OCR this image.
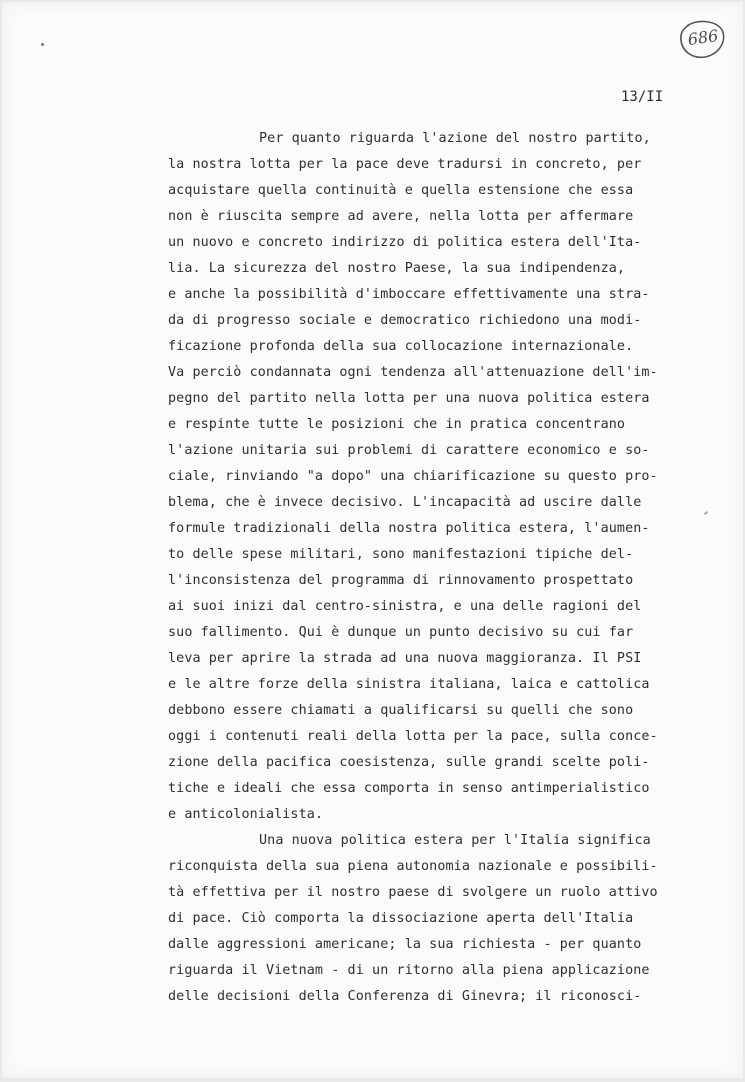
686
13/II
Per quanto riguarda l'azione del nostro partito,
la nostra lotta per la pace deve tradursi in concreto, per
acquistare quella continuità e quella estensione che essa
non è riuscita sempre ad avere, nella lotta per affermare
un nuovo e concreto indirizzo di politica estera dell'Ita-
lia. La sicurezza del nostro Paese, la sua indipendenza,
e anche la possibilità d'imboccare effettivamente una stra-
da di progresso sociale e democratico richiedono una modi-
ficazione profonda della sua collocazione internazionale.
Va perciò condannata ogni tendenza all'attenuazione dell'im-
pegno del partito nella lotta per una nuova politica estera
e respinte tutte le posizioni che in pratica concentrano
l'azione unitaria sui problemi di carattere economico e so-
ciale, rinviando "a dopo" una chiarificazione su questo pro-
blema, che è invece decisivo. L'incapacità ad uscire dalle
formule tradizionali della nostra politica estera, l'aumen-
to delle spese militari, sono manifestazioni tipiche del-
l'inconsistenza del programma di rinnovamento prospettato
ai suoi inizi dal centro-sinistra, e una delle ragioni del
suo fallimento. Qui è dunque un punto decisivo su cui far
leva per aprire la strada ad una nuova maggioranza. Il PSI
e le altre forze della sinistra italiana, laica e cattolica
debbono essere chiamati a qualificarsi su quelli che sono
oggi i contenuti reali della lotta per la pace, sulla conce-
zione della pacifica coesistenza, sulle grandi scelte poli-
tiche e ideali che essa comporta in senso antimperialistico
e anticolonialista.
Una nuova politica estera per l'Italia significa
riconquista della sua piena autonomia nazionale e possibili-
tà effettiva per il nostro paese di svolgere un ruolo attivo
di pace. Ciò comporta la dissociazione aperta dell'Italia
dalle aggressioni americane; la sua richiesta - per quanto
riguarda il Vietnam - di un ritorno alla piena applicazione
delle decisioni della Conferenza di Ginevra; il riconosci-
